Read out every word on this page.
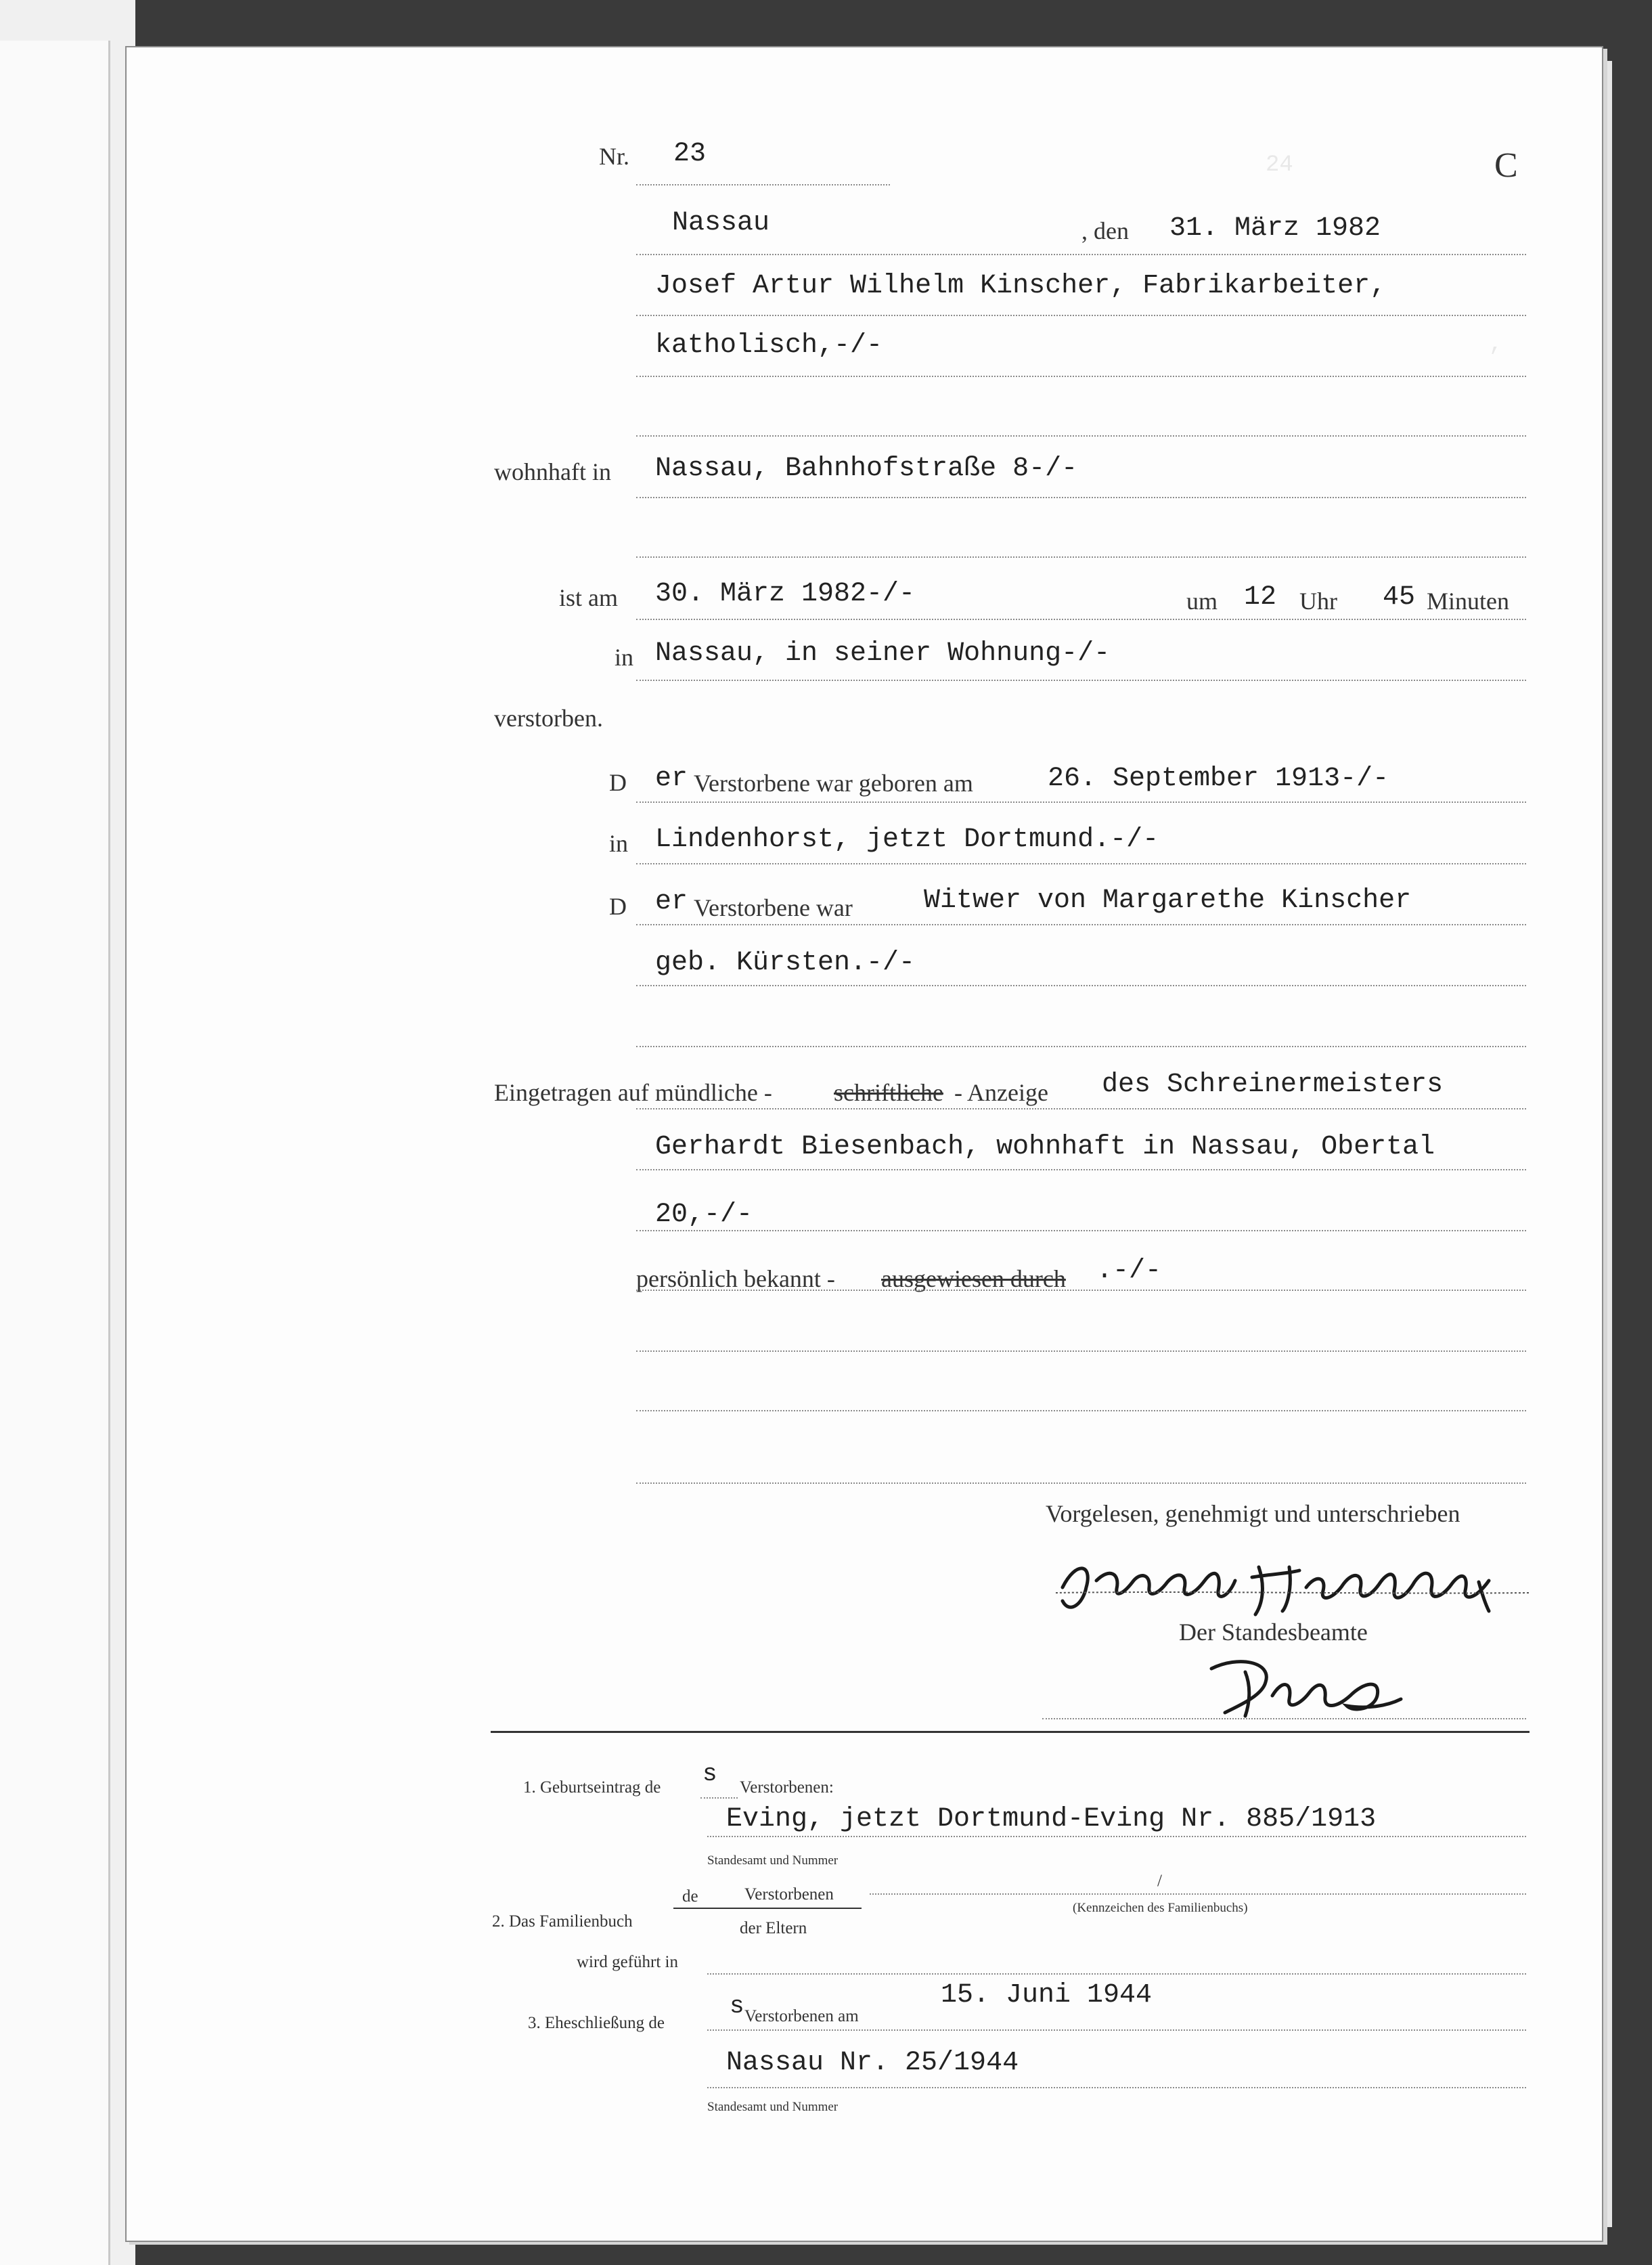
24
,
Nr. 23	C
Nassau	, den 31. März 1982
Josef Artur Wilhelm Kinscher, Fabrikarbeiter,
katholisch,-/-
wohnhaft in Nassau, Bahnhofstraße 8-/-
ist am 30. März 1982-/-	um 12 Uhr 45 Minuten
in Nassau, in seiner Wohnung-/-
verstorben.
D er Verstorbene war geboren am	26. September 1913-/-
in Lindenhorst, jetzt Dortmund.-/-
D er Verstorbene war	Witwer von Margarethe Kinscher
geb. Kürsten.-/-
Eingetragen auf mündliche -	schriftliche - Anzeige des Schreinermeisters
Gerhardt Biesenbach, wohnhaft in Nassau, Obertal
20,-/-
persönlich bekannt - ausgewiesen durch .-/-
Vorgelesen, genehmigt und unterschrieben
Der Standesbeamte
1. Geburtseintrag de s Verstorbenen:
Eving, jetzt Dortmund-Eving Nr. 885/1913
Standesamt und Nummer
de	Verstorbenen
2. Das Familienbuch	der Eltern
/
(Kennzeichen des Familienbuchs)
wird geführt in
15. Juni 1944
3. Eheschließung de
s Verstorbenen am
Nassau Nr. 25/1944
Standesamt und Nummer
